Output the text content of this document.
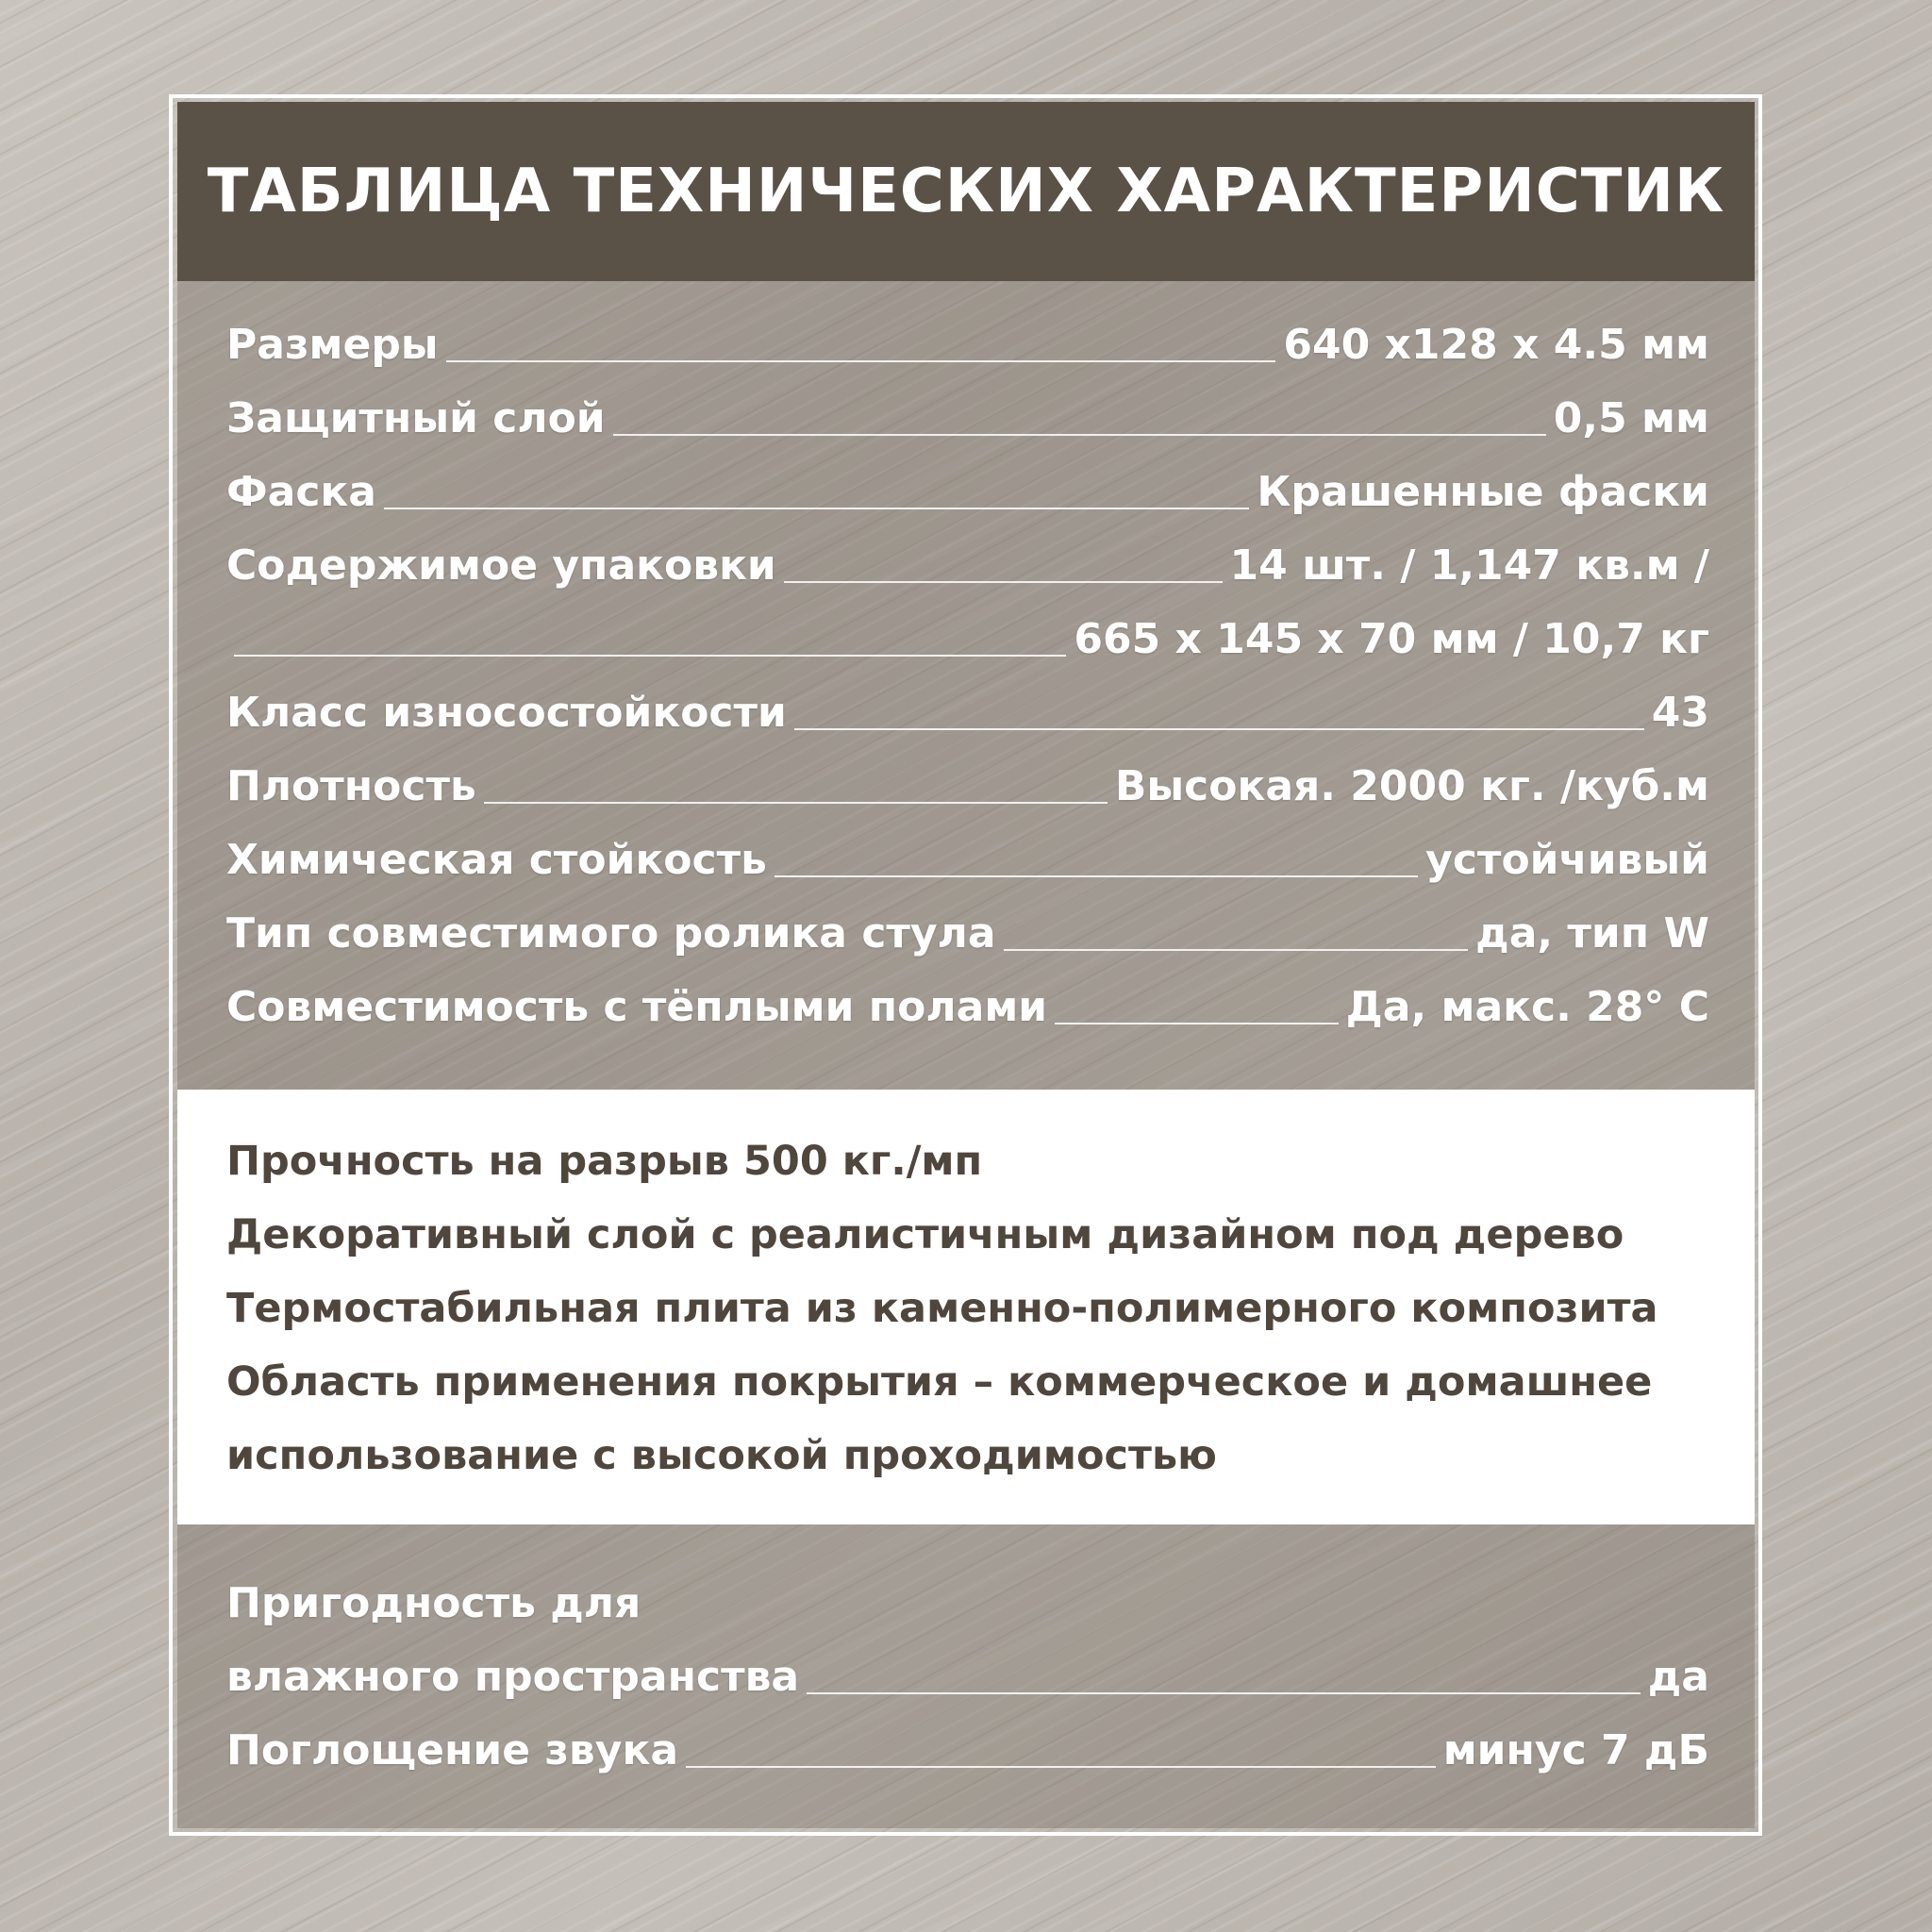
ТАБЛИЦА ТЕХНИЧЕСКИХ ХАРАКТЕРИСТИК
Размеры	640 x128 x 4.5 мм
Защитный слой	0,5 мм
Фаска	Крашенные фаски
Содержимое упаковки	14 шт. / 1,147 кв.м /
665 x 145 x 70 мм / 10,7 кг
Класс износостойкости	43
Плотность	Высокая. 2000 кг. /куб.м
Химическая стойкость	устойчивый
Тип совместимого ролика стула	да, тип W
Совместимость с тёплыми полами	Да, макс. 28° С
Прочность на разрыв 500 кг./мп
Декоративный слой с реалистичным дизайном под дерево
Термостабильная плита из каменно-полимерного композита
Область применения покрытия – коммерческое и домашнее
использование с высокой проходимостью
Пригодность для
влажного пространства	да
Поглощение звука	минус 7 дБ
